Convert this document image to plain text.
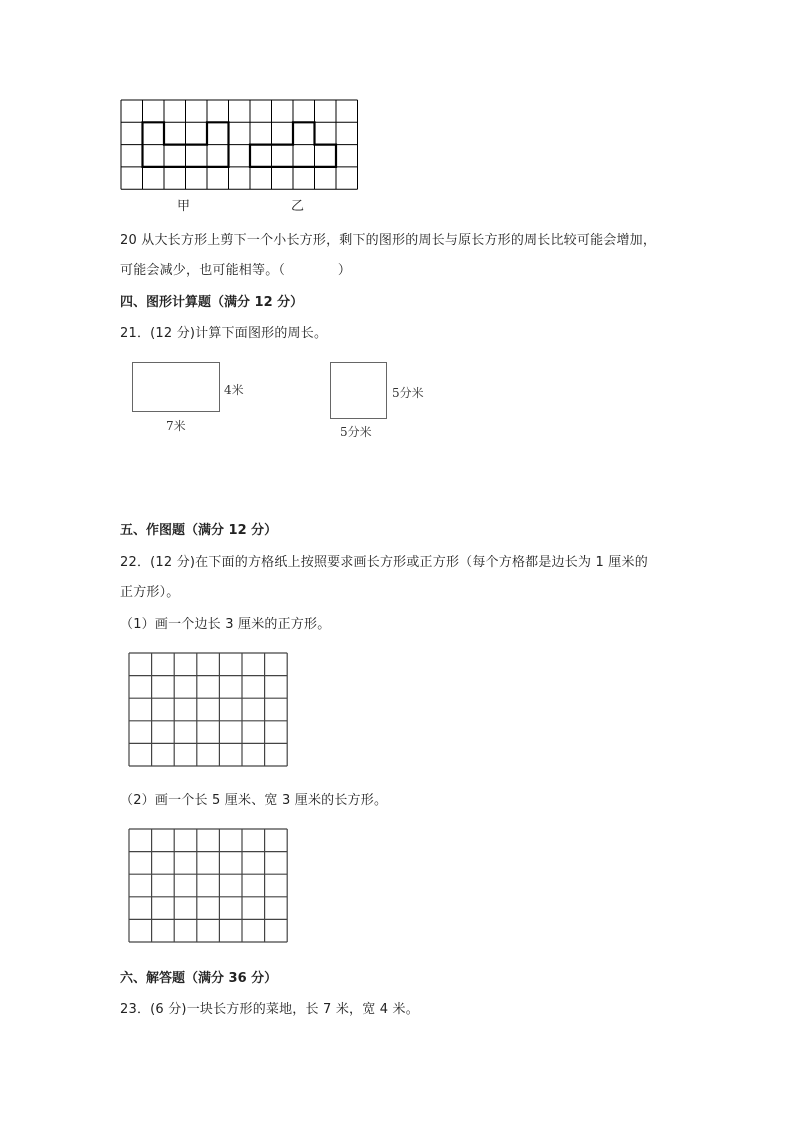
甲	乙
20 从大长方形上剪下一个小长方形，剩下的图形的周长与原长方形的周长比较可能会增加，
可能会减少，也可能相等。（　　　　）
四、图形计算题（满分 12 分）
21．(12 分)计算下面图形的周长。
4米
7米
5分米
5分米
五、作图题（满分 12 分）
22．(12 分)在下面的方格纸上按照要求画长方形或正方形（每个方格都是边长为 1 厘米的
正方形）。
（1）画一个边长 3 厘米的正方形。
（2）画一个长 5 厘米、宽 3 厘米的长方形。
六、解答题（满分 36 分）
23．(6 分)一块长方形的菜地，长 7 米，宽 4 米。
